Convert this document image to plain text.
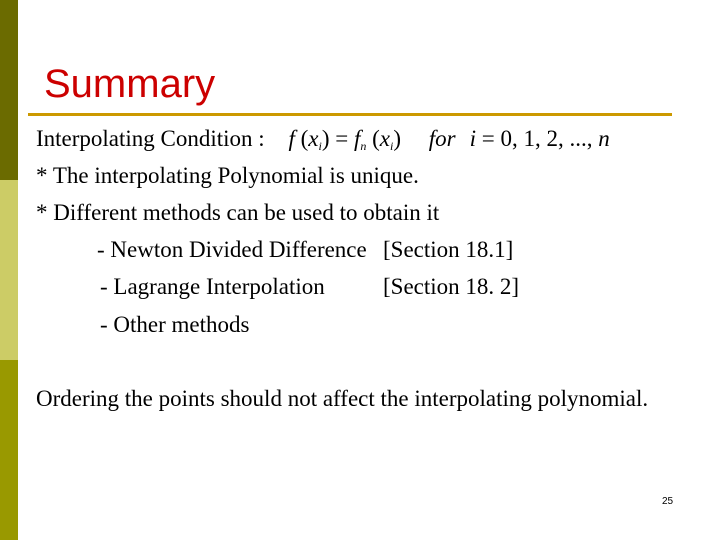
Summary
Interpolating Condition : f $(x_i) = f_n$ $(x_i)$ for i = 0, 1, 2, ..., n
* The interpolating Polynomial is unique.
* Different methods can be used to obtain it
- Newton Divided Difference [Section 18.1]
- Lagrange Interpolation	[Section 18. 2]
- Other methods
Ordering the points should not affect the interpolating polynomial.
25
